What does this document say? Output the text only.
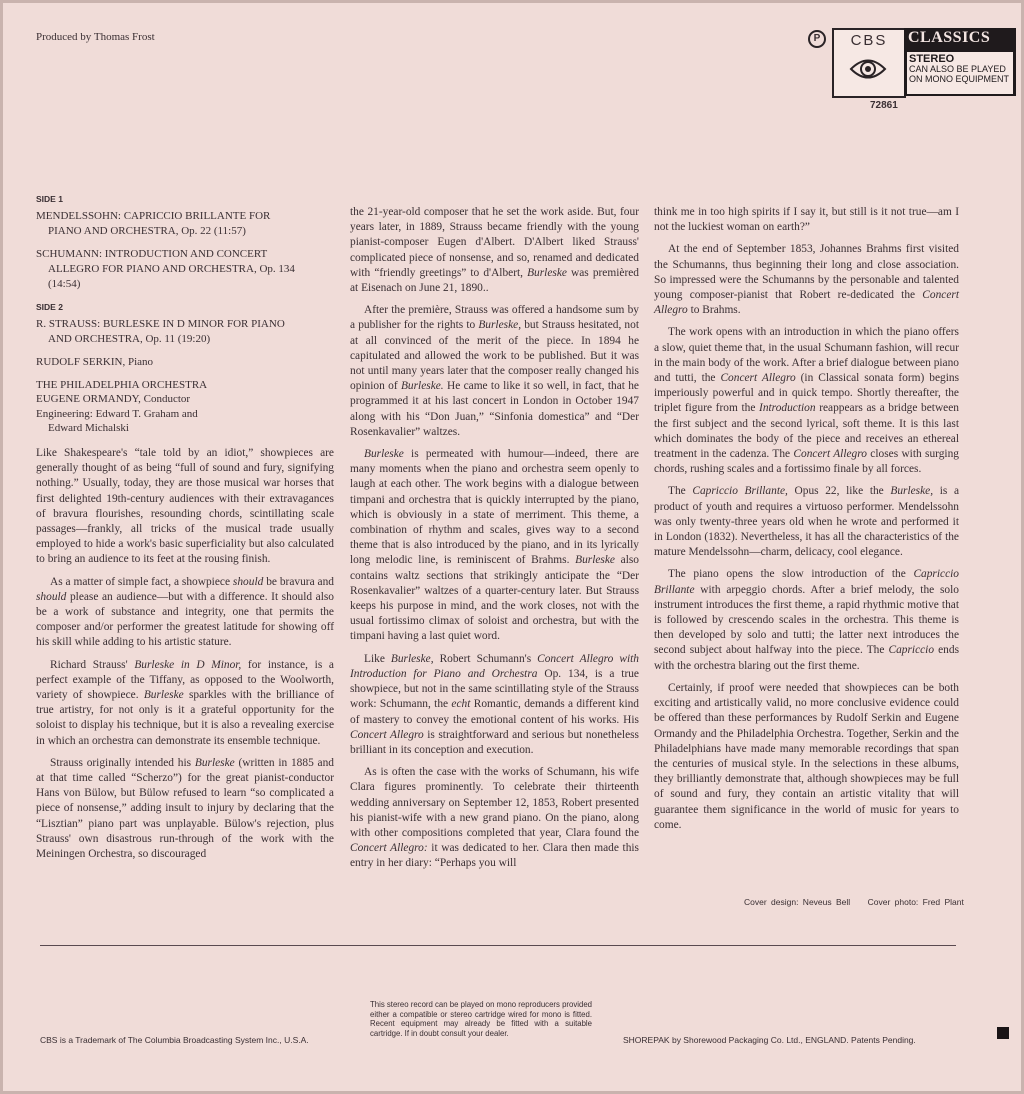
Produced by Thomas Frost	P	CBS
72861
CLASSICS
STEREO
CAN ALSO BE PLAYED
ON MONO EQUIPMENT
SIDE 1
MENDELSSOHN: CAPRICCIO BRILLANTE FOR
PIANO AND ORCHESTRA, Op. 22 (11:57)
SCHUMANN: INTRODUCTION AND CONCERT
ALLEGRO FOR PIANO AND ORCHESTRA, Op. 134
(14:54)
SIDE 2
R. STRAUSS: BURLESKE IN D MINOR FOR PIANO
AND ORCHESTRA, Op. 11 (19:20)
RUDOLF SERKIN, Piano
THE PHILADELPHIA ORCHESTRA
EUGENE ORMANDY, Conductor
Engineering: Edward T. Graham and
Edward Michalski

Like Shakespeare's “tale told by an idiot,” showpieces are generally thought of as being “full of sound and fury, signifying nothing.” Usually, today, they are those musical war horses that first delighted 19th-century audiences with their extravagances of bravura flourishes, resounding chords, scintillating scale passages—frankly, all tricks of the musical trade usually employed to hide a work's basic superficiality but also calculated to bring an audience to its feet at the rousing finish.

As a matter of simple fact, a showpiece should be bravura and should please an audience—but with a difference. It should also be a work of substance and integrity, one that permits the composer and/or performer the greatest latitude for showing off his skill while adding to his artistic stature.

Richard Strauss' Burleske in D Minor, for instance, is a perfect example of the Tiffany, as opposed to the Woolworth, variety of showpiece. Burleske sparkles with the brilliance of true artistry, for not only is it a grateful opportunity for the soloist to display his technique, but it is also a revealing exercise in which an orchestra can demonstrate its ensemble technique.

Strauss originally intended his Burleske (written in 1885 and at that time called “Scherzo”) for the great pianist-conductor Hans von Bülow, but Bülow refused to learn “so complicated a piece of nonsense,” adding insult to injury by declaring that the “Lisztian” piano part was unplayable. Bülow's rejection, plus Strauss' own disastrous run-through of the work with the Meiningen Orchestra, so discouraged

the 21-year-old composer that he set the work aside. But, four years later, in 1889, Strauss became friendly with the young pianist-composer Eugen d'Albert. D'Albert liked Strauss' complicated piece of nonsense, and so, renamed and dedicated with “friendly greetings” to d'Albert, Burleske was premièred at Eisenach on June 21, 1890..

After the première, Strauss was offered a handsome sum by a publisher for the rights to Burleske, but Strauss hesitated, not at all convinced of the merit of the piece. In 1894 he capitulated and allowed the work to be published. But it was not until many years later that the composer really changed his opinion of Burleske. He came to like it so well, in fact, that he programmed it at his last concert in London in October 1947 along with his “Don Juan,” “Sinfonia domestica” and “Der Rosenkavalier” waltzes.

Burleske is permeated with humour—indeed, there are many moments when the piano and orchestra seem openly to laugh at each other. The work begins with a dialogue between timpani and orchestra that is quickly interrupted by the piano, which is obviously in a state of merriment. This theme, a combination of rhythm and scales, gives way to a second theme that is also introduced by the piano, and in its lyrically long melodic line, is reminiscent of Brahms. Burleske also contains waltz sections that strikingly anticipate the “Der Rosenkavalier” waltzes of a quarter-century later. But Strauss keeps his purpose in mind, and the work closes, not with the usual fortissimo climax of soloist and orchestra, but with the timpani having a last quiet word.

Like Burleske, Robert Schumann's Concert Allegro with Introduction for Piano and Orchestra Op. 134, is a true showpiece, but not in the same scintillating style of the Strauss work: Schumann, the echt Romantic, demands a different kind of mastery to convey the emotional content of his works. His Concert Allegro is straightforward and serious but nonetheless brilliant in its conception and execution.

As is often the case with the works of Schumann, his wife Clara figures prominently. To celebrate their thirteenth wedding anniversary on September 12, 1853, Robert presented his pianist-wife with a new grand piano. On the piano, along with other compositions completed that year, Clara found the Concert Allegro: it was dedicated to her. Clara then made this entry in her diary: “Perhaps you will

think me in too high spirits if I say it, but still is it not true—am I not the luckiest woman on earth?”

At the end of September 1853, Johannes Brahms first visited the Schumanns, thus beginning their long and close association. So impressed were the Schumanns by the personable and talented young composer-pianist that Robert re-dedicated the Concert Allegro to Brahms.

The work opens with an introduction in which the piano offers a slow, quiet theme that, in the usual Schumann fashion, will recur in the main body of the work. After a brief dialogue between piano and tutti, the Concert Allegro (in Classical sonata form) begins imperiously powerful and in quick tempo. Shortly thereafter, the triplet figure from the Introduction reappears as a bridge between the first subject and the second lyrical, soft theme. It is this last which dominates the body of the piece and receives an ethereal treatment in the cadenza. The Concert Allegro closes with surging chords, rushing scales and a fortissimo finale by all forces.

The Capriccio Brillante, Opus 22, like the Burleske, is a product of youth and requires a virtuoso performer. Mendelssohn was only twenty-three years old when he wrote and performed it in London (1832). Nevertheless, it has all the characteristics of the mature Mendelssohn—charm, delicacy, cool elegance.

The piano opens the slow introduction of the Capriccio Brillante with arpeggio chords. After a brief melody, the solo instrument introduces the first theme, a rapid rhythmic motive that is followed by crescendo scales in the orchestra. This theme is then developed by solo and tutti; the latter next introduces the second subject about halfway into the piece. The Capriccio ends with the orchestra blaring out the first theme.

Certainly, if proof were needed that showpieces can be both exciting and artistically valid, no more conclusive evidence could be offered than these performances by Rudolf Serkin and Eugene Ormandy and the Philadelphia Orchestra. Together, Serkin and the Philadelphians have made many memorable recordings that span the centuries of musical style. In the selections in these albums, they brilliantly demonstrate that, although showpieces may be full of sound and fury, they contain an artistic vitality that will guarantee them significance in the world of music for years to come.

Cover design: Neveus Bell Cover photo: Fred Plant
CBS is a Trademark of The Columbia Broadcasting System Inc., U.S.A.
This stereo record can be played on mono reproducers provided either a compatible or stereo cartridge wired for mono is fitted. Recent equipment may already be fitted with a suitable cartridge. If in doubt consult your dealer.
SHOREPAK by Shorewood Packaging Co. Ltd., ENGLAND. Patents Pending.
